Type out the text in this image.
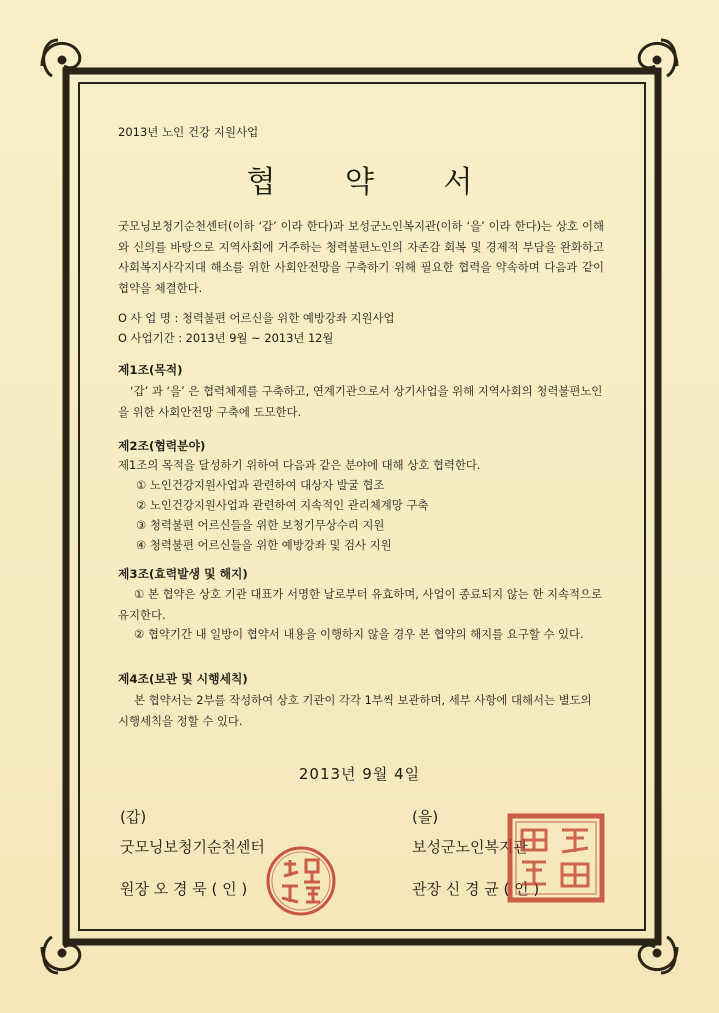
2013년 노인 건강 지원사업
협 약 서
굿모닝보청기순천센터(이하 ‘갑’ 이라 한다)과 보성군노인복지관(이하 ‘을’ 이라 한다)는 상호 이해와 신의를 바탕으로 지역사회에 거주하는 청력불편노인의 자존감 회복 및 경제적 부담을 완화하고 사회복지사각지대 해소를 위한 사회안전망을 구축하기 위해 필요한 협력을 약속하며 다음과 같이 협약을 체결한다.
O 사 업 명 : 청력불편 어르신을 위한 예방강좌 지원사업
O 사업기간 : 2013년 9월 ~ 2013년 12월
제1조(목적)
‘갑’ 과 ‘을’ 은 협력체제를 구축하고, 연계기관으로서 상기사업을 위해 지역사회의 청력불편노인을 위한 사회안전망 구축에 도모한다.
제2조(협력분야)
제1조의 목적을 달성하기 위하여 다음과 같은 분야에 대해 상호 협력한다.
① 노인건강지원사업과 관련하여 대상자 발굴 협조
② 노인건강지원사업과 관련하여 지속적인 관리체계망 구축
③ 청력불편 어르신들을 위한 보청기무상수리 지원
④ 청력불편 어르신들을 위한 예방강좌 및 검사 지원
제3조(효력발생 및 해지)
① 본 협약은 상호 기관 대표가 서명한 날로부터 유효하며, 사업이 종료되지 않는 한 지속적으로 유지한다.
② 협약기간 내 일방이 협약서 내용을 이행하지 않을 경우 본 협약의 해지를 요구할 수 있다.
제4조(보관 및 시행세칙)
본 협약서는 2부를 작성하여 상호 기관이 각각 1부씩 보관하며, 세부 사항에 대해서는 별도의 시행세칙을 정할 수 있다.
2013년 9월 4일
(갑)
굿모닝보청기순천센터
원장 오 경 묵 ( 인 )
(을)
보성군노인복지관
관장 신 경 균 ( 인 )
